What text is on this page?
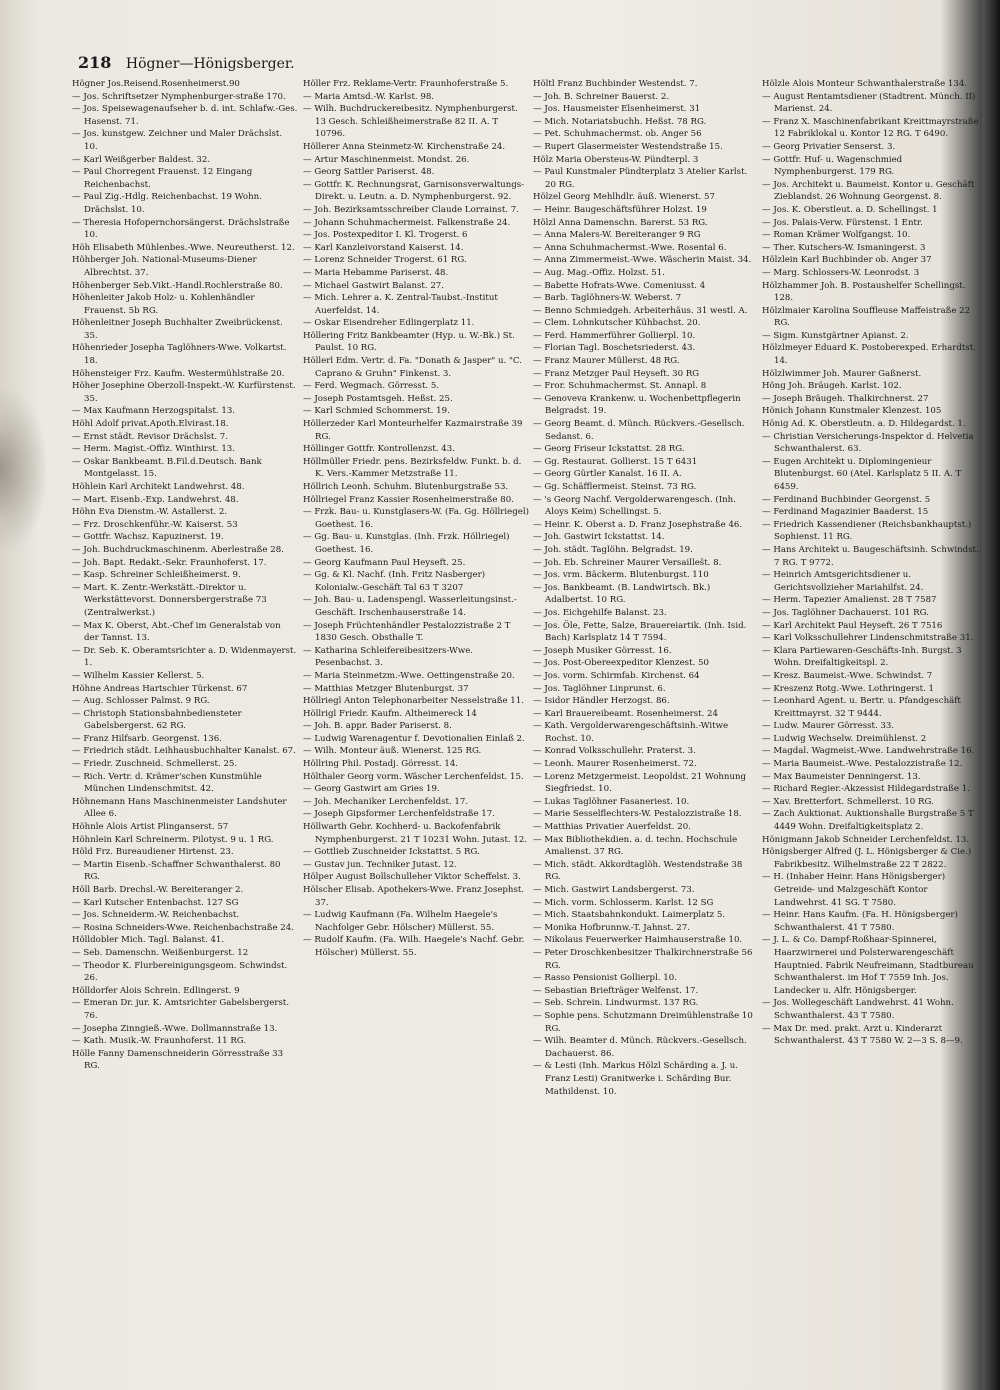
218 Högner—Hönigsberger.

Högner Jos.Reisend.Rosenheimerst.90

— Jos. Schriftsetzer Nymphenburger-straße 170.

— Jos. Speisewagenaufseher b. d. int. Schlafw.-Ges. Hasenst. 71.

— Jos. kunstgew. Zeichner und Maler Drächslst. 10.

— Karl Weißgerber Baldest. 32.

— Paul Chorregent Frauenst. 12 Eingang Reichenbachst.

— Paul Zig.-Hdlg. Reichenbachst. 19 Wohn. Drächslst. 10.

— Theresia Hofopernchorsängerst. Drächslstraße 10.

Höh Elisabeth Mühlenbes.-Wwe. Neureutherst. 12.

Höhberger Joh. National-Museums-Diener Albrechtst. 37.

Höhenberger Seb.Vikt.-Handl.Rochlerstraße 80.

Höhenleiter Jakob Holz- u. Kohlenhändler Frauenst. 5b RG.

Höhenleitner Joseph Buchhalter Zweibrückenst. 35.

Höhenrieder Josepha Taglöhners-Wwe. Volkartst. 18.

Höhensteiger Frz. Kaufm. Westermühlstraße 20.

Höher Josephine Oberzoll-Inspekt.-W. Kurfürstenst. 35.

— Max Kaufmann Herzogspitalst. 13.

Höhl Adolf privat.Apoth.Elvirast.18.

— Ernst städt. Revisor Drächslst. 7.

— Herm. Magist.-Offiz. Winthirst. 13.

— Oskar Bankbeamt. B.Fil.d.Deutsch. Bank Montgelasst. 15.

Höhlein Karl Architekt Landwehrst. 48.

— Mart. Eisenb.-Exp. Landwehrst. 48.

Höhn Eva Dienstm.-W. Astallerst. 2.

— Frz. Droschkenführ.-W. Kaiserst. 53

— Gottfr. Wachsz. Kapuzinerst. 19.

— Joh. Buchdruckmaschinenm. Aberlestraße 28.

— Joh. Bapt. Redakt.-Sekr. Fraunhoferst. 17.

— Kasp. Schreiner Schleißheimerst. 9.

— Mart. K. Zentr.-Werkstätt.-Direktor u. Werkstättevorst. Donnersbergerstraße 73 (Zentralwerkst.)

— Max K. Oberst, Abt.-Chef im Generalstab von der Tannst. 13.

— Dr. Seb. K. Oberamtsrichter a. D. Widenmayerst. 1.

— Wilhelm Kassier Kellerst. 5.

Höhne Andreas Hartschier Türkenst. 67

— Aug. Schlosser Palmst. 9 RG.

— Christoph Stationsbahnbediensteter Gabelsbergerst. 62 RG.

— Franz Hilfsarb. Georgenst. 136.

— Friedrich städt. Leihhausbuchhalter Kanalst. 67.

— Friedr. Zuschneid. Schmellerst. 25.

— Rich. Vertr. d. Krämer'schen Kunstmühle München Lindenschmitst. 42.

Höhnemann Hans Maschinenmeister Landshuter Allee 6.

Höhnle Alois Artist Plinganserst. 57

Höhnlein Karl Schreinerm. Pilotyst. 9 u. 1 RG.

Höld Frz. Bureaudiener Hirtenst. 23.

— Martin Eisenb.-Schaffner Schwanthalerst. 80 RG.

Höll Barb. Drechsl.-W. Bereiteranger 2.

— Karl Kutscher Entenbachst. 127 SG

— Jos. Schneiderm.-W. Reichenbachst.

— Rosina Schneiders-Wwe. Reichenbachstraße 24.

Hölldobler Mich. Tagl. Balanst. 41.

— Seb. Damenschn. Weißenburgerst. 12

— Theodor K. Flurbereinigungsgeom. Schwindst. 26.

Hölldorfer Alois Schrein. Edlingerst. 9

— Emeran Dr. jur. K. Amtsrichter Gabelsbergerst. 76.

— Josepha Zinngieß.-Wwe. Dollmannstraße 13.

— Kath. Musik.-W. Fraunhoferst. 11 RG.

Hölle Fanny Damenschneiderin Görresstraße 33 RG.

Höller Frz. Reklame-Vertr. Fraunhoferstraße 5.

— Maria Amtsd.-W. Karlst. 98.

— Wilh. Buchdruckereibesitz. Nymphenburgerst. 13 Gesch. Schleißheimerstraße 82 II. A. T 10796.

Höllerer Anna Steinmetz-W. Kirchenstraße 24.

— Artur Maschinenmeist. Mondst. 26.

— Georg Sattler Pariserst. 48.

— Gottfr. K. Rechnungsrat, Garnisonsverwaltungs-Direkt. u. Leutn. a. D. Nymphenburgerst. 92.

— Joh. Bezirksamtsschreiber Claude Lorrainst. 7.

— Johann Schuhmachermeist. Falkenstraße 24.

— Jos. Postexpeditor I. Kl. Trogerst. 6

— Karl Kanzleivorstand Kaiserst. 14.

— Lorenz Schneider Trogerst. 61 RG.

— Maria Hebamme Pariserst. 48.

— Michael Gastwirt Balanst. 27.

— Mich. Lehrer a. K. Zentral-Taubst.-Institut Auerfeldst. 14.

— Oskar Eisendreher Edlingerplatz 11.

Höllering Fritz Bankbeamter (Hyp. u. W.-Bk.) St. Paulst. 10 RG.

Höllerl Edm. Vertr. d. Fa. "Donath & Jasper" u. "C. Caprano & Gruhn" Finkenst. 3.

— Ferd. Wegmach. Görresst. 5.

— Joseph Postamtsgeh. Heßst. 25.

— Karl Schmied Schommerst. 19.

Höllerzeder Karl Monteurhelfer Kazmairstraße 39 RG.

Höllinger Gottfr. Kontrollenzst. 43.

Höllmüller Friedr. pens. Bezirksfeldw. Funkt. b. d. K. Vers.-Kammer Metzstraße 11.

Höllrich Leonh. Schuhm. Blutenburgstraße 53.

Höllriegel Franz Kassier Rosenheimerstraße 80.

— Frzk. Bau- u. Kunstglasers-W. (Fa. Gg. Höllriegel) Goethest. 16.

— Gg. Bau- u. Kunstglas. (Inh. Frzk. Höllriegel) Goethest. 16.

— Georg Kaufmann Paul Heyseft. 25.

— Gg. & Kl. Nachf. (Inh. Fritz Nasberger) Kolonialw.-Geschäft Tal 63 T 3207

— Joh. Bau- u. Ladenspengl. Wasserleitungsinst.-Geschäft. Irschenhauserstraße 14.

— Joseph Früchtenhändler Pestalozzistraße 2 T 1830 Gesch. Obsthalle T.

— Katharina Schleifereibesitzers-Wwe. Pesenbachst. 3.

— Maria Steinmetzm.-Wwe. Oettingenstraße 20.

— Matthias Metzger Blutenburgst. 37

Höllriegl Anton Telephonarbeiter Nesselstraße 11.

Höllrigl Friedr. Kaufm. Altheimereck 14

— Joh. B. appr. Bader Pariserst. 8.

— Ludwig Warenagentur f. Devotionalien Einlaß 2.

— Wilh. Monteur äuß. Wienerst. 125 RG.

Höllring Phil. Postadj. Görresst. 14.

Hölthaler Georg vorm. Wäscher Lerchenfeldst. 15.

— Georg Gastwirt am Gries 19.

— Joh. Mechaniker Lerchenfeldst. 17.

— Joseph Gipsformer Lerchenfeldstraße 17.

Höllwarth Gebr. Kochherd- u. Backofenfabrik Nymphenburgerst. 21 T 10231 Wohn. Jutast. 12.

— Gottlieb Zuschneider Ickstattst. 5 RG.

— Gustav jun. Techniker Jutast. 12.

Hölper August Bollschulleher Viktor Scheffelst. 3.

Hölscher Elisab. Apothekers-Wwe. Franz Josephst. 37.

— Ludwig Kaufmann (Fa. Wilhelm Haegele's Nachfolger Gebr. Hölscher) Müllerst. 55.

— Rudolf Kaufm. (Fa. Wilh. Haegele's Nachf. Gebr. Hölscher) Müllerst. 55.

Höltl Franz Buchbinder Westendst. 7.

— Joh. B. Schreiner Bauerst. 2.

— Jos. Hausmeister Elsenheimerst. 31

— Mich. Notariatsbuchh. Heßst. 78 RG.

— Pet. Schuhmachermst. ob. Anger 56

— Rupert Glasermeister Westendstraße 15.

Hölz Maria Obersteus-W. Pündterpl. 3

— Paul Kunstmaler Pündterplatz 3 Atelier Karlst. 20 RG.

Hölzel Georg Mehlhdlr. äuß. Wienerst. 57

— Heinr. Baugeschäftsführer Holzst. 19

Hölzl Anna Damenschn. Barerst. 53 RG.

— Anna Malers-W. Bereiteranger 9 RG

— Anna Schuhmachermst.-Wwe. Rosental 6.

— Anna Zimmermeist.-Wwe. Wäscherin Maist. 34.

— Aug. Mag.-Offiz. Holzst. 51.

— Babette Hofrats-Wwe. Comeniusst. 4

— Barb. Taglöhners-W. Weberst. 7

— Benno Schmiedgeh. Arbeiterhäus. 31 westl. A.

— Clem. Lohnkutscher Kühbachst. 20.

— Ferd. Hammerführer Gollierpl. 10.

— Florian Tagl. Boschetsriederst. 43.

— Franz Maurer Müllerst. 48 RG.

— Franz Metzger Paul Heyseft. 30 RG

— Fror. Schuhmachermst. St. Annapl. 8

— Genoveva Krankenw. u. Wochenbettpflegerin Belgradst. 19.

— Georg Beamt. d. Münch. Rückvers.-Gesellsch. Sedanst. 6.

— Georg Friseur Ickstattst. 28 RG.

— Gg. Restaurat. Gollierst. 15 T 6431

— Georg Gürtler Kanalst. 16 II. A.

— Gg. Schäfflermeist. Steinst. 73 RG.

— 's Georg Nachf. Vergolderwarengesch. (Inh. Aloys Keim) Schellingst. 5.

— Heinr. K. Oberst a. D. Franz Josephstraße 46.

— Joh. Gastwirt Ickstattst. 14.

— Joh. städt. Taglöhn. Belgradst. 19.

— Joh. Eb. Schreiner Maurer Versailleŝt. 8.

— Jos. vrm. Bäckerm. Blutenburgst. 110

— Jos. Bankbeamt. (B. Landwirtsch. Bk.) Adalbertst. 10 RG.

— Jos. Eichgehilfe Balanst. 23.

— Jos. Öle, Fette, Salze, Brauereiartik. (Inh. Isid. Bach) Karlsplatz 14 T 7594.

— Joseph Musiker Görresst. 16.

— Jos. Post-Obereexpeditor Klenzest. 50

— Jos. vorm. Schirmfab. Kirchenst. 64

— Jos. Taglöhner Linprunst. 6.

— Isidor Händler Herzogst. 86.

— Karl Brauereibeamt. Rosenheimerst. 24

— Kath. Vergolderwarengeschäftsinh.-Witwe Rochst. 10.

— Konrad Volksschullehr. Praterst. 3.

— Leonh. Maurer Rosenheimerst. 72.

— Lorenz Metzgermeist. Leopoldst. 21 Wohnung Siegfriedst. 10.

— Lukas Taglöhner Fasaneriest. 10.

— Marie Sesselflechters-W. Pestalozzistraße 18.

— Matthias Privatier Auerfeldst. 20.

— Max Bibliothekdien. a. d. techn. Hochschule Amalienst. 37 RG.

— Mich. städt. Akkordtaglöh. Westendstraße 38 RG.

— Mich. Gastwirt Landsbergerst. 73.

— Mich. vorm. Schlosserm. Karlst. 12 SG

— Mich. Staatsbahnkondukt. Laimerplatz 5.

— Monika Hofbrunnw.-T. Jahnst. 27.

— Nikolaus Feuerwerker Haimhauserstraße 10.

— Peter Droschkenbesitzer Thalkirchnerstraße 56 RG.

— Rasso Pensionist Gollierpl. 10.

— Sebastian Briefträger Welfenst. 17.

— Seb. Schrein. Lindwurmst. 137 RG.

— Sophie pens. Schutzmann Dreimühlenstraße 10 RG.

— Wilh. Beamter d. Münch. Rückvers.-Gesellsch. Dachauerst. 86.

— & Lesti (Inh. Markus Hölzl Schärding a. J. u. Franz Lesti) Granitwerke i. Schärding Bur. Mathildenst. 10.

Hölzle Alois Monteur Schwanthalerstraße 134.

— August Rentamtsdiener (Stadtrent. Münch. II) Marienst. 24.

— Franz X. Maschinenfabrikant Kreittmayrstraße 12 Fabriklokal u. Kontor 12 RG. T 6490.

— Georg Privatier Senserst. 3.

— Gottfr. Huf- u. Wagenschmied Nymphenburgerst. 179 RG.

— Jos. Architekt u. Baumeist. Kontor u. Geschäft Zieblandst. 26 Wohnung Georgenst. 8.

— Jos. K. Oberstleut. a. D. Schellingst. 1

— Jos. Palais-Verw. Fürstenst. 1 Entr.

— Roman Krämer Wolfgangst. 10.

— Ther. Kutschers-W. Ismaningerst. 3

Hölzlein Karl Buchbinder ob. Anger 37

— Marg. Schlossers-W. Leonrodst. 3

Hölzhammer Joh. B. Postaushelfer Schellingst. 128.

Hölzlmaier Karolina Souffleuse Maffeistraße 22 RG.

— Sigm. Kunstgärtner Apianst. 2.

Hölzlmeyer Eduard K. Postoberexped. Erhardtst. 14.

Hölzlwimmer Joh. Maurer Gaßnerst.

Höng Joh. Bräugeh. Karlst. 102.

— Joseph Bräugeh. Thalkirchnerst. 27

Hönich Johann Kunstmaler Klenzest. 105

Hönig Ad. K. Oberstleutn. a. D. Hildegardst. 1.

— Christian Versicherungs-Inspektor d. Helvetia Schwanthalerst. 63.

— Eugen Architekt u. Diplomingenieur Blutenburgst. 60 (Atel. Karlsplatz 5 II. A. T 6459.

— Ferdinand Buchbinder Georgenst. 5

— Ferdinand Magazinier Baaderst. 15

— Friedrich Kassendiener (Reichsbankhauptst.) Sophienst. 11 RG.

— Hans Architekt u. Baugeschäftsinh. Schwindst. 7 RG. T 9772.

— Heinrich Amtsgerichtsdiener u. Gerichtsvollzieher Mariahilfst. 24.

— Herm. Tapezier Amalienst. 28 T 7587

— Jos. Taglöhner Dachauerst. 101 RG.

— Karl Architekt Paul Heyseft. 26 T 7516

— Karl Volksschullehrer Lindenschmitstraße 31.

— Klara Partiewaren-Geschäfts-Inh. Burgst. 3 Wohn. Dreifaltigkeitspl. 2.

— Kresz. Baumeist.-Wwe. Schwindst. 7

— Kreszenz Rotg.-Wwe. Lothringerst. 1

— Leonhard Agent. u. Bertr. u. Pfandgeschäft Kreittmayrst. 32 T 9444.

— Ludw. Maurer Görresst. 33.

— Ludwig Wechselw. Dreimühlenst. 2

— Magdal. Wagmeist.-Wwe. Landwehrstraße 16.

— Maria Baumeist.-Wwe. Pestalozzistraße 12.

— Max Baumeister Denningerst. 13.

— Richard Regier.-Akzessist Hildegardstraße 1.

— Xav. Bretterfort. Schmellerst. 10 RG.

— Zach Auktionat. Auktionshalle Burgstraße 5 T 4449 Wohn. Dreifaltigkeitsplatz 2.

Hönigmann Jakob Schneider Lerchenfeldst. 13.

Hönigsberger Alfred (J. L. Hönigsberger & Cie.) Fabrikbesitz. Wilhelmstraße 22 T 2822.

— H. (Inhaber Heinr. Hans Hönigsberger) Getreide- und Malzgeschäft Kontor Landwehrst. 41 SG. T 7580.

— Heinr. Hans Kaufm. (Fa. H. Hönigsberger) Schwanthalerst. 41 T 7580.

— J. L. & Co. Dampf-Roßhaar-Spinnerei, Haarzwirnerei und Polsterwarengeschäft Hauptnied. Fabrik Neufreimann, Stadtbureau Schwanthalerst. im Hof T 7559 Inh. Jos. Landecker u. Alfr. Hönigsberger.

— Jos. Wollegeschäft Landwehrst. 41 Wohn. Schwanthalerst. 43 T 7580.

— Max Dr. med. prakt. Arzt u. Kinderarzt Schwanthalerst. 43 T 7580 W. 2—3 S. 8—9.
